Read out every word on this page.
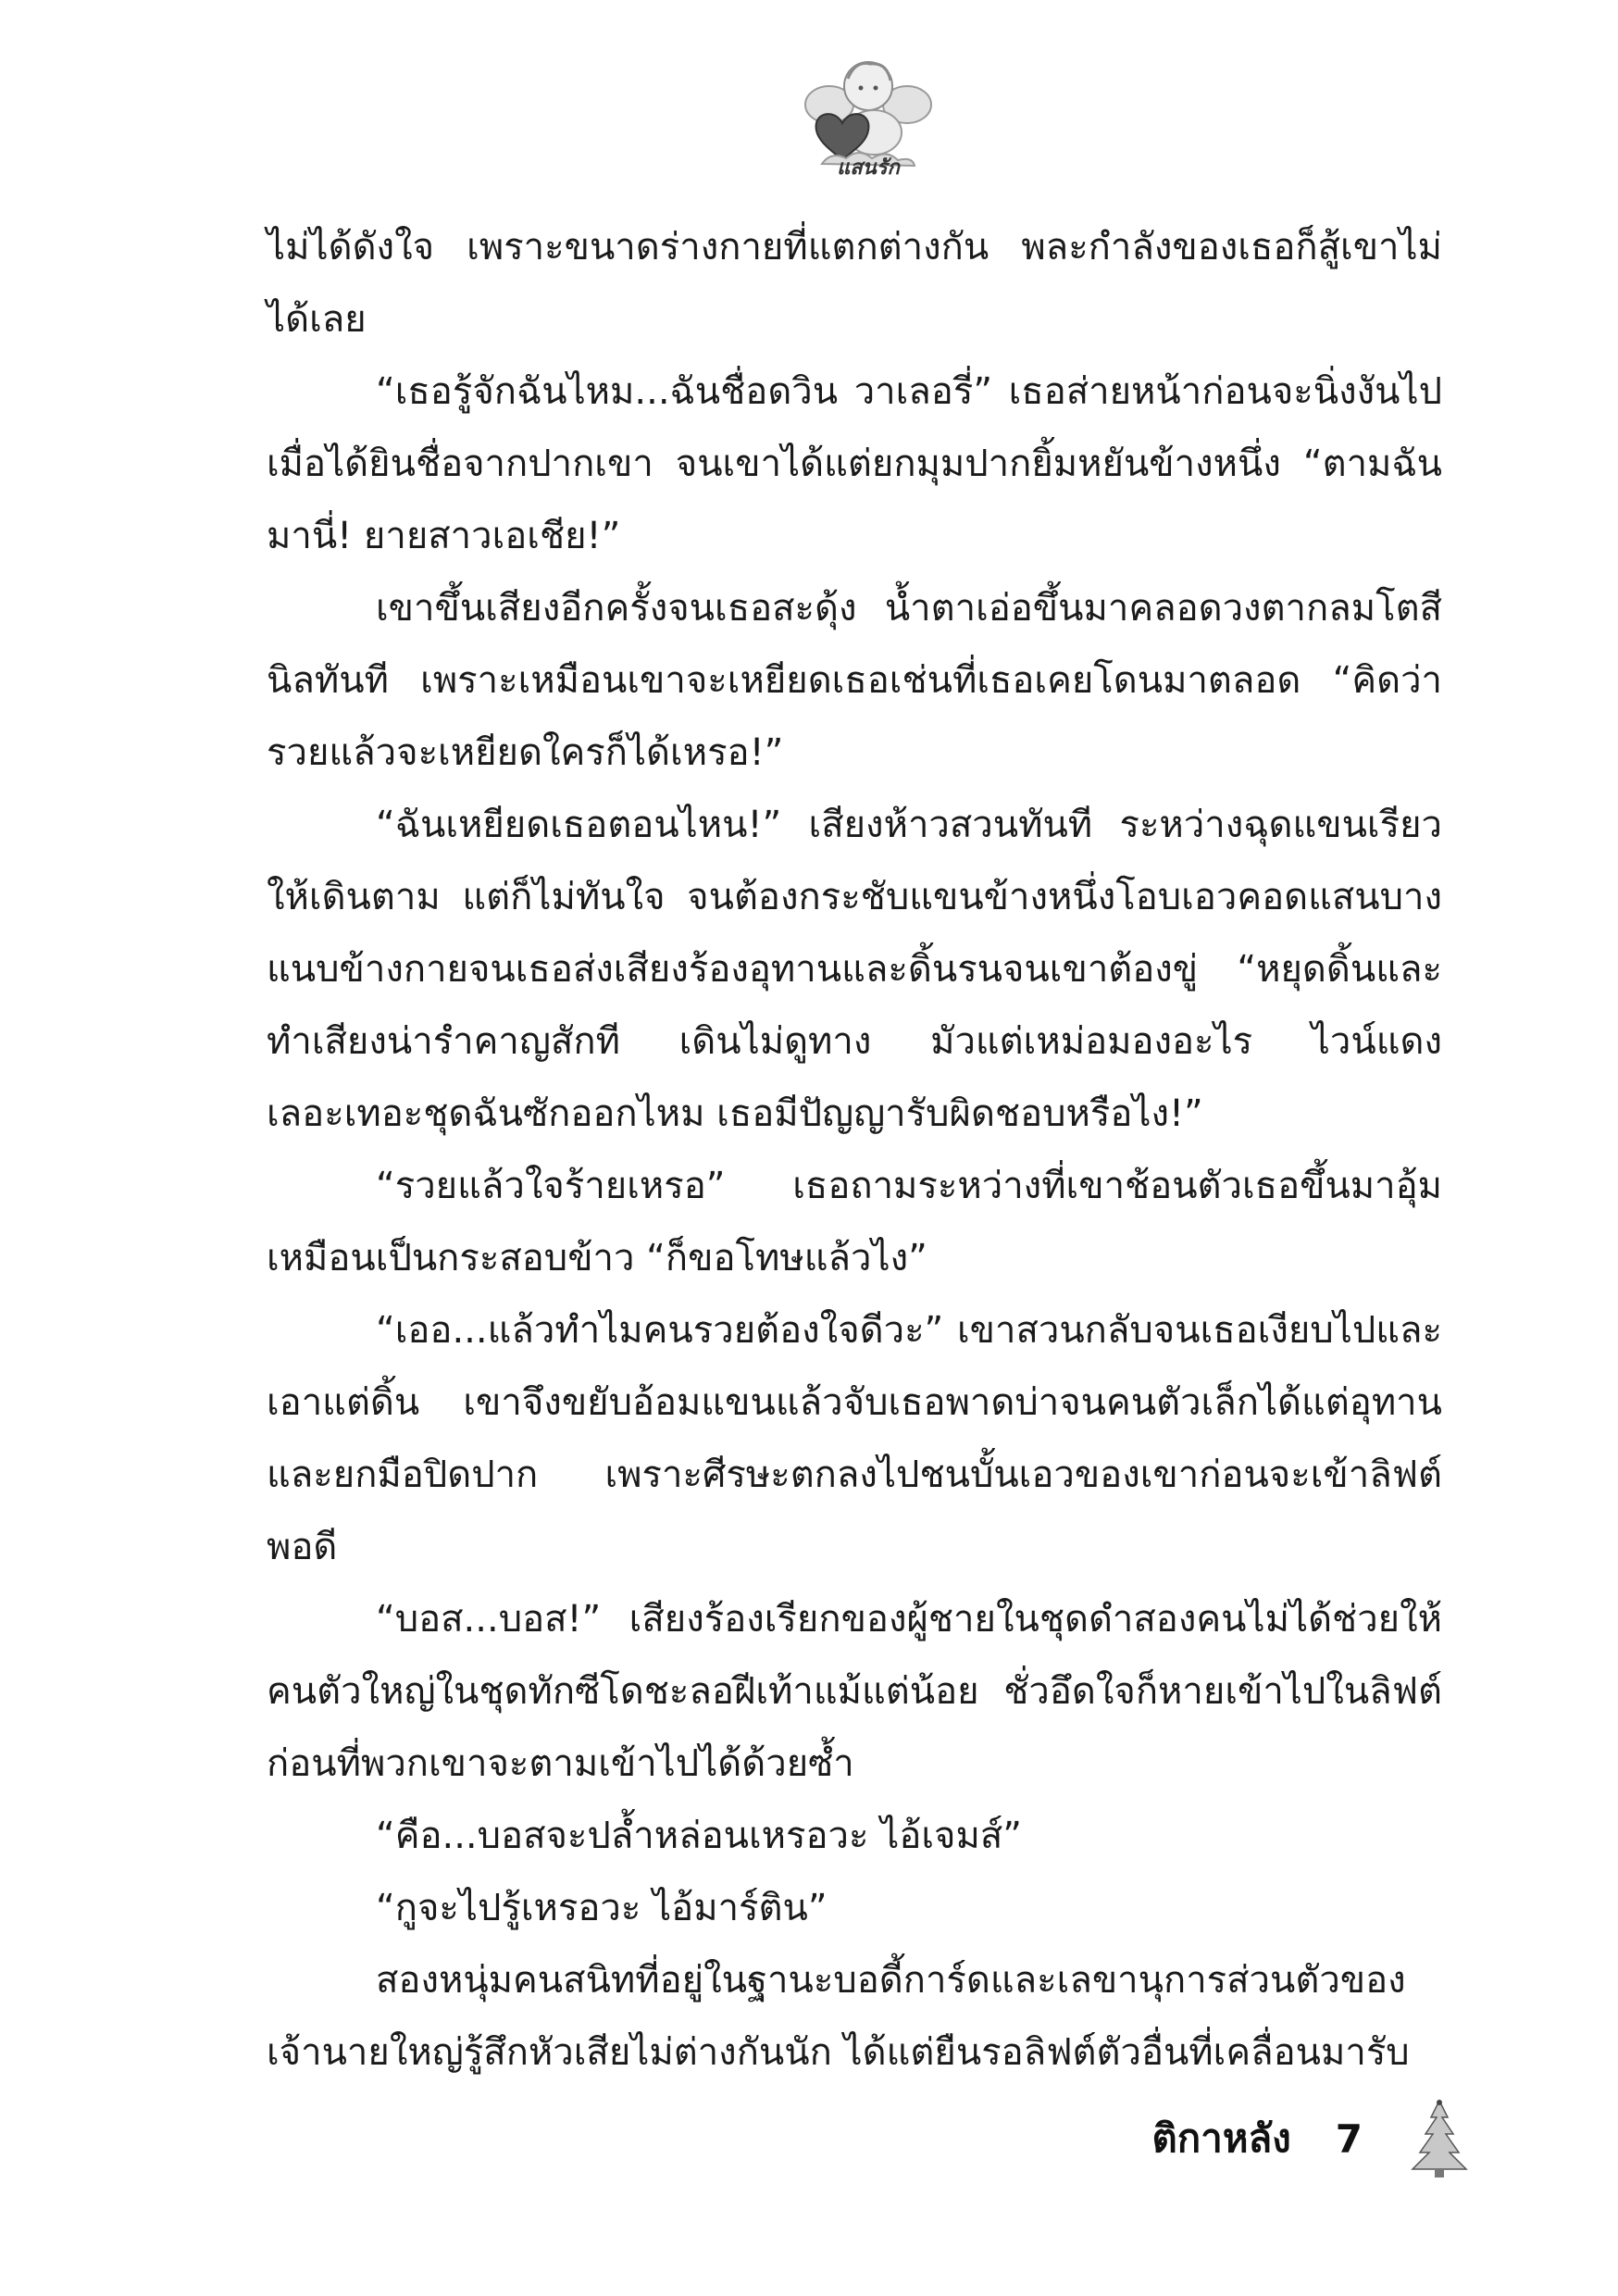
แสนรัก

ไม่ได้ดังใจ เพราะขนาดร่างกายที่แตกต่างกัน พละกำลังของเธอก็สู้เขาไม่ได้เลย

“เธอรู้จักฉันไหม...ฉันชื่อดวิน วาเลอรี่” เธอส่ายหน้าก่อนจะนิ่งงันไปเมื่อได้ยินชื่อจากปากเขา จนเขาได้แต่ยกมุมปากยิ้มหยันข้างหนึ่ง “ตามฉันมานี่! ยายสาวเอเชีย!”

เขาขึ้นเสียงอีกครั้งจนเธอสะดุ้ง น้ำตาเอ่อขึ้นมาคลอดวงตากลมโตสีนิลทันที เพราะเหมือนเขาจะเหยียดเธอเช่นที่เธอเคยโดนมาตลอด “คิดว่ารวยแล้วจะเหยียดใครก็ได้เหรอ!”

“ฉันเหยียดเธอตอนไหน!” เสียงห้าวสวนทันที ระหว่างฉุดแขนเรียวให้เดินตาม แต่ก็ไม่ทันใจ จนต้องกระชับแขนข้างหนึ่งโอบเอวคอดแสนบางแนบข้างกายจนเธอส่งเสียงร้องอุทานและดิ้นรนจนเขาต้องขู่ “หยุดดิ้นและทำเสียงน่ารำคาญสักที เดินไม่ดูทาง มัวแต่เหม่อมองอะไร ไวน์แดงเลอะเทอะชุดฉันซักออกไหม เธอมีปัญญารับผิดชอบหรือไง!”

“รวยแล้วใจร้ายเหรอ” เธอถามระหว่างที่เขาช้อนตัวเธอขึ้นมาอุ้มเหมือนเป็นกระสอบข้าว “ก็ขอโทษแล้วไง”

“เออ...แล้วทำไมคนรวยต้องใจดีวะ” เขาสวนกลับจนเธอเงียบไปและเอาแต่ดิ้น เขาจึงขยับอ้อมแขนแล้วจับเธอพาดบ่าจนคนตัวเล็กได้แต่อุทานและยกมือปิดปาก เพราะศีรษะตกลงไปชนบั้นเอวของเขาก่อนจะเข้าลิฟต์พอดี

“บอส...บอส!” เสียงร้องเรียกของผู้ชายในชุดดำสองคนไม่ได้ช่วยให้คนตัวใหญ่ในชุดทักซีโดชะลอฝีเท้าแม้แต่น้อย ชั่วอึดใจก็หายเข้าไปในลิฟต์ก่อนที่พวกเขาจะตามเข้าไปได้ด้วยซ้ำ

“คือ...บอสจะปล้ำหล่อนเหรอวะ ไอ้เจมส์”

“กูจะไปรู้เหรอวะ ไอ้มาร์ติน”

สองหนุ่มคนสนิทที่อยู่ในฐานะบอดี้การ์ดและเลขานุการส่วนตัวของเจ้านายใหญ่รู้สึกหัวเสียไม่ต่างกันนัก ได้แต่ยืนรอลิฟต์ตัวอื่นที่เคลื่อนมารับ

ติกาหลัง 7
